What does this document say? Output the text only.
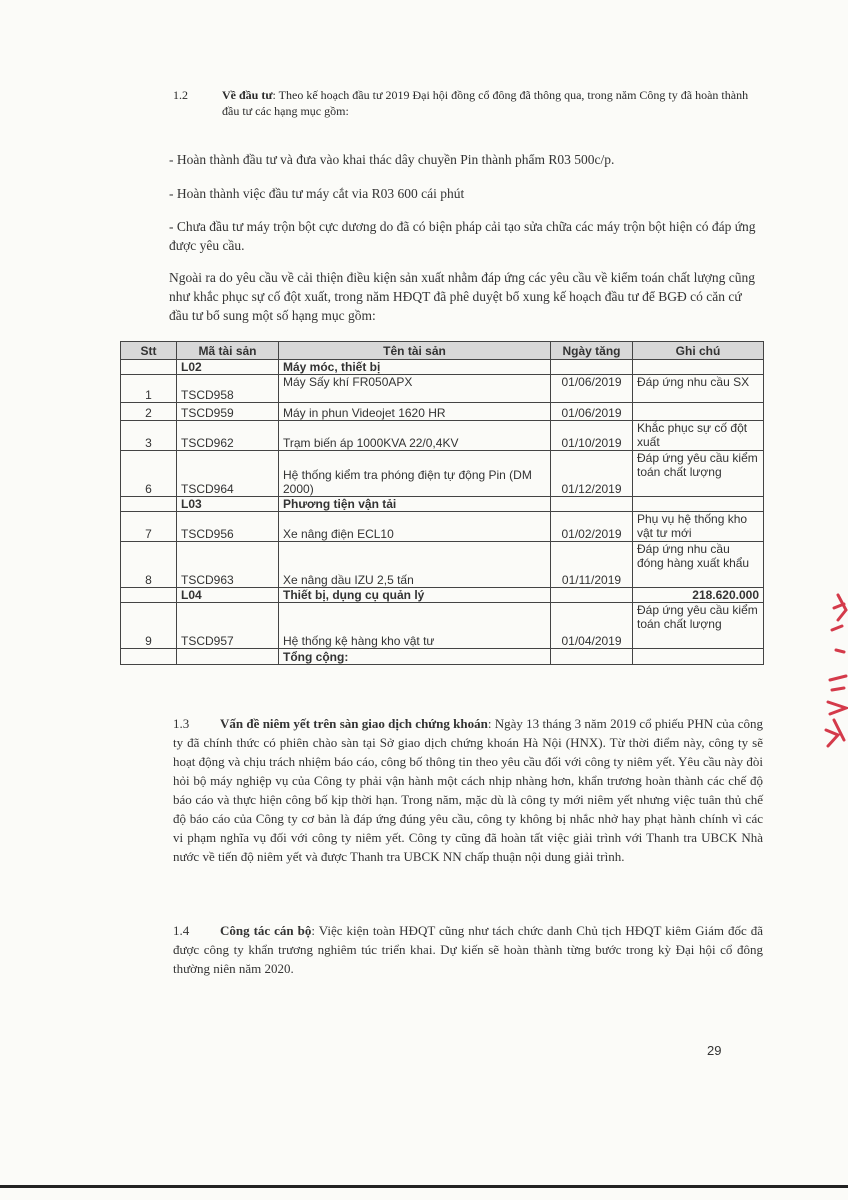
1.2	Về đầu tư: Theo kế hoạch đầu tư 2019 Đại hội đồng cổ đông đã thông qua, trong năm Công ty đã hoàn thành đầu tư các hạng mục gồm:
- Hoàn thành đầu tư và đưa vào khai thác dây chuyền Pin thành phẩm R03 500c/p.
- Hoàn thành việc đầu tư máy cắt via R03 600 cái phút
- Chưa đầu tư máy trộn bột cực dương do đã có biện pháp cải tạo sửa chữa các máy trộn bột hiện có đáp ứng được yêu cầu.
Ngoài ra do yêu cầu về cải thiện điều kiện sản xuất nhằm đáp ứng các yêu cầu về kiểm toán chất lượng cũng như khắc phục sự cố đột xuất, trong năm HĐQT đã phê duyệt bổ xung kế hoạch đầu tư để BGĐ có căn cứ đầu tư bổ sung một số hạng mục gồm:
Stt	Mã tài sản	Tên tài sản	Ngày tăng	Ghi chú
	L02	Máy móc, thiết bị		
1	TSCD958	Máy Sấy khí FR050APX	01/06/2019	Đáp ứng nhu cầu SX
2	TSCD959	Máy in phun Videojet 1620 HR	01/06/2019	
3	TSCD962	Trạm biến áp 1000KVA 22/0,4KV	01/10/2019	Khắc phục sự cố đột xuất
6	TSCD964	Hệ thống kiểm tra phóng điện tự động Pin (DM 2000)	01/12/2019	Đáp ứng yêu cầu kiểm toán chất lượng
	L03	Phương tiện vận tải		
7	TSCD956	Xe nâng điện ECL10	01/02/2019	Phụ vụ hệ thống kho vật tư mới
8	TSCD963	Xe nâng dầu IZU 2,5 tấn	01/11/2019	Đáp ứng nhu cầu đóng hàng xuất khẩu
	L04	Thiết bị, dụng cụ quản lý		218.620.000
9	TSCD957	Hệ thống kệ hàng kho vật tư	01/04/2019	Đáp ứng yêu cầu kiểm toán chất lượng
		Tổng cộng:		
1.3 Vấn đề niêm yết trên sàn giao dịch chứng khoán: Ngày 13 tháng 3 năm 2019 cổ phiếu PHN của công ty đã chính thức có phiên chào sàn tại Sở giao dịch chứng khoán Hà Nội (HNX). Từ thời điểm này, công ty sẽ hoạt động và chịu trách nhiệm báo cáo, công bố thông tin theo yêu cầu đối với công ty niêm yết. Yêu cầu này đòi hỏi bộ máy nghiệp vụ của Công ty phải vận hành một cách nhịp nhàng hơn, khẩn trương hoàn thành các chế độ báo cáo và thực hiện công bố kịp thời hạn. Trong năm, mặc dù là công ty mới niêm yết nhưng việc tuân thủ chế độ báo cáo của Công ty cơ bản là đáp ứng đúng yêu cầu, công ty không bị nhắc nhở hay phạt hành chính vì các vi phạm nghĩa vụ đối với công ty niêm yết. Công ty cũng đã hoàn tất việc giải trình với Thanh tra UBCK Nhà nước về tiến độ niêm yết và được Thanh tra UBCK NN chấp thuận nội dung giải trình.
1.4 Công tác cán bộ: Việc kiện toàn HĐQT cũng như tách chức danh Chủ tịch HĐQT kiêm Giám đốc đã được công ty khẩn trương nghiêm túc triển khai. Dự kiến sẽ hoàn thành từng bước trong kỳ Đại hội cổ đông thường niên năm 2020.
29
